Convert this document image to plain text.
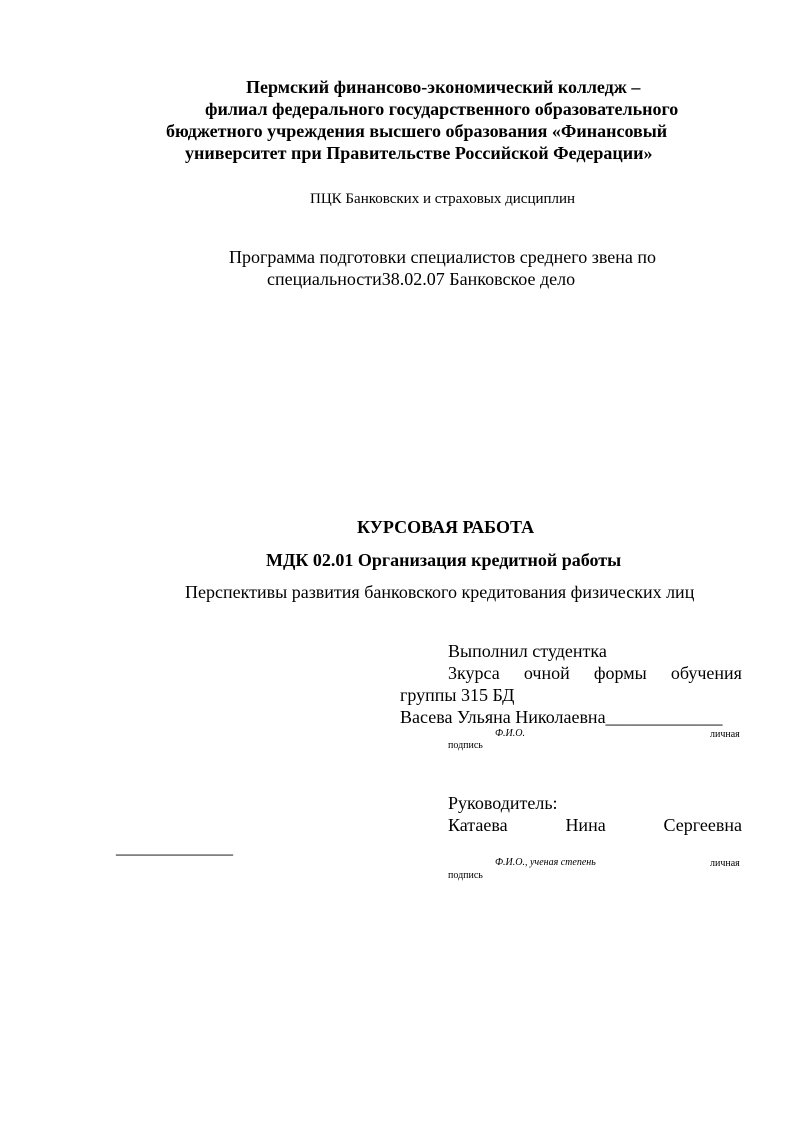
Пермский финансово-экономический колледж –
филиал федерального государственного образовательного
бюджетного учреждения высшего образования «Финансовый
университет при Правительстве Российской Федерации»
ПЦК Банковских и страховых дисциплин
Программа подготовки специалистов среднего звена по
специальности38.02.07 Банковское дело
КУРСОВАЯ РАБОТА
МДК 02.01 Организация кредитной работы
Перспективы развития банковского кредитования физических лиц
Выполнил студентка
3курса очной формы обучения
группы 315 БД
Васева Ульяна Николаевна_____________
Ф.И.О.	личная
подпись
Руководитель:
Катаева	Нина	Сергеевна
_____________
Ф.И.О., ученая степень	личная
подпись
